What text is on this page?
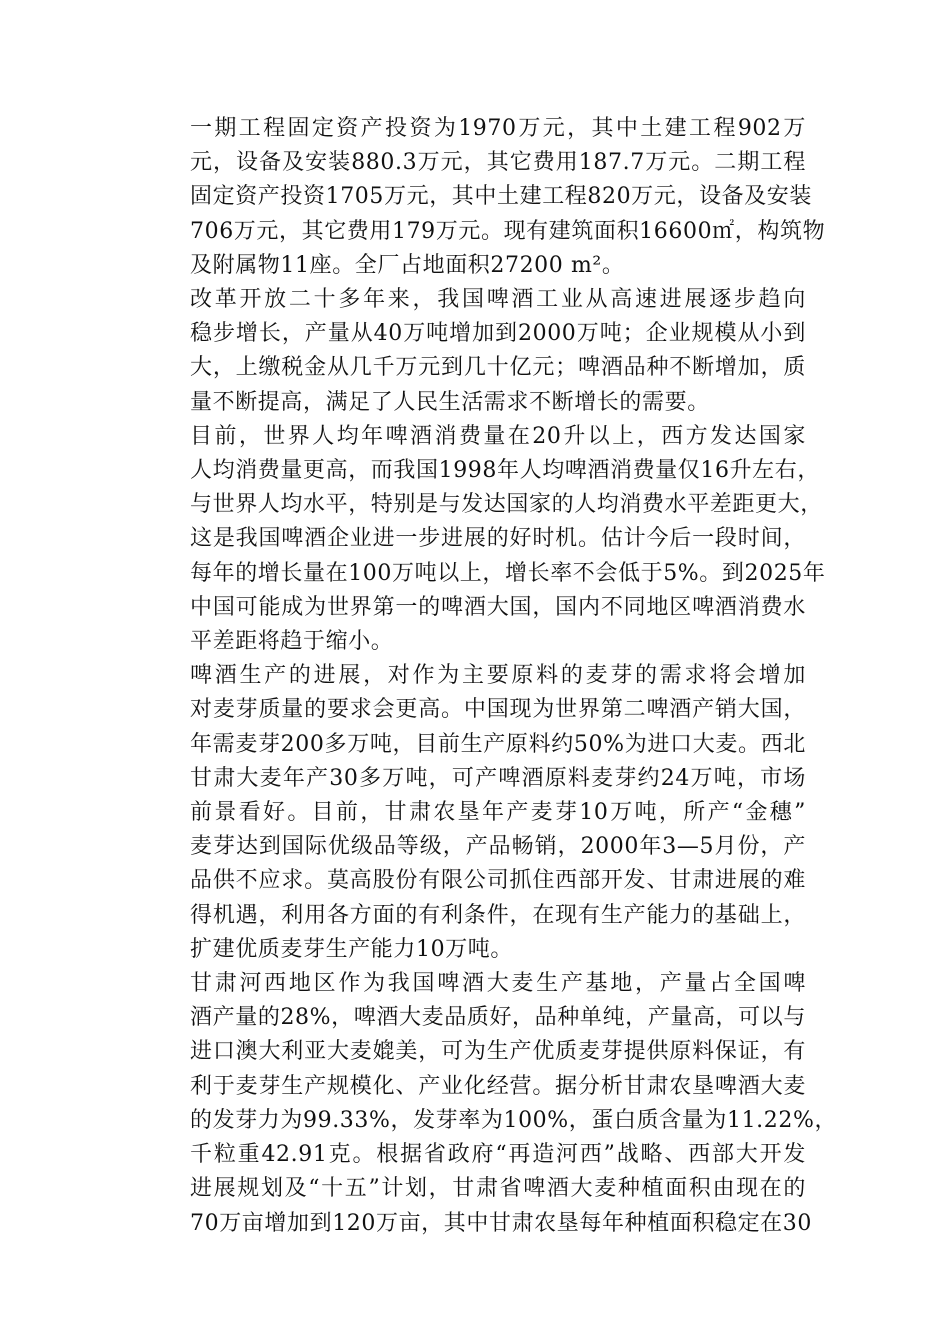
一期工程固定资产投资为1970万元，其中土建工程902万
元，设备及安装880.3万元，其它费用187.7万元。二期工程
固定资产投资1705万元，其中土建工程820万元，设备及安装
706万元，其它费用179万元。现有建筑面积16600㎡，构筑物
及附属物11座。全厂占地面积27200 m²。

改革开放二十多年来，我国啤酒工业从高速进展逐步趋向
稳步增长，产量从40万吨增加到2000万吨；企业规模从小到
大，上缴税金从几千万元到几十亿元；啤酒品种不断增加，质
量不断提高，满足了人民生活需求不断增长的需要。

目前，世界人均年啤酒消费量在20升以上，西方发达国家
人均消费量更高，而我国1998年人均啤酒消费量仅16升左右，
与世界人均水平，特别是与发达国家的人均消费水平差距更大，
这是我国啤酒企业进一步进展的好时机。估计今后一段时间，
每年的增长量在100万吨以上，增长率不会低于5%。到2025年
中国可能成为世界第一的啤酒大国，国内不同地区啤酒消费水
平差距将趋于缩小。

啤酒生产的进展，对作为主要原料的麦芽的需求将会增加
对麦芽质量的要求会更高。中国现为世界第二啤酒产销大国，
年需麦芽200多万吨，目前生产原料约50%为进口大麦。西北
甘肃大麦年产30多万吨，可产啤酒原料麦芽约24万吨，市场
前景看好。目前，甘肃农垦年产麦芽10万吨，所产“金穗”
麦芽达到国际优级品等级，产品畅销，2000年3—5月份，产
品供不应求。莫高股份有限公司抓住西部开发、甘肃进展的难
得机遇，利用各方面的有利条件，在现有生产能力的基础上，
扩建优质麦芽生产能力10万吨。

甘肃河西地区作为我国啤酒大麦生产基地，产量占全国啤
酒产量的28%，啤酒大麦品质好，品种单纯，产量高，可以与
进口澳大利亚大麦媲美，可为生产优质麦芽提供原料保证，有
利于麦芽生产规模化、产业化经营。据分析甘肃农垦啤酒大麦
的发芽力为99.33%，发芽率为100%，蛋白质含量为11.22%，
千粒重42.91克。根据省政府“再造河西”战略、西部大开发
进展规划及“十五”计划，甘肃省啤酒大麦种植面积由现在的
70万亩增加到120万亩，其中甘肃农垦每年种植面积稳定在30
